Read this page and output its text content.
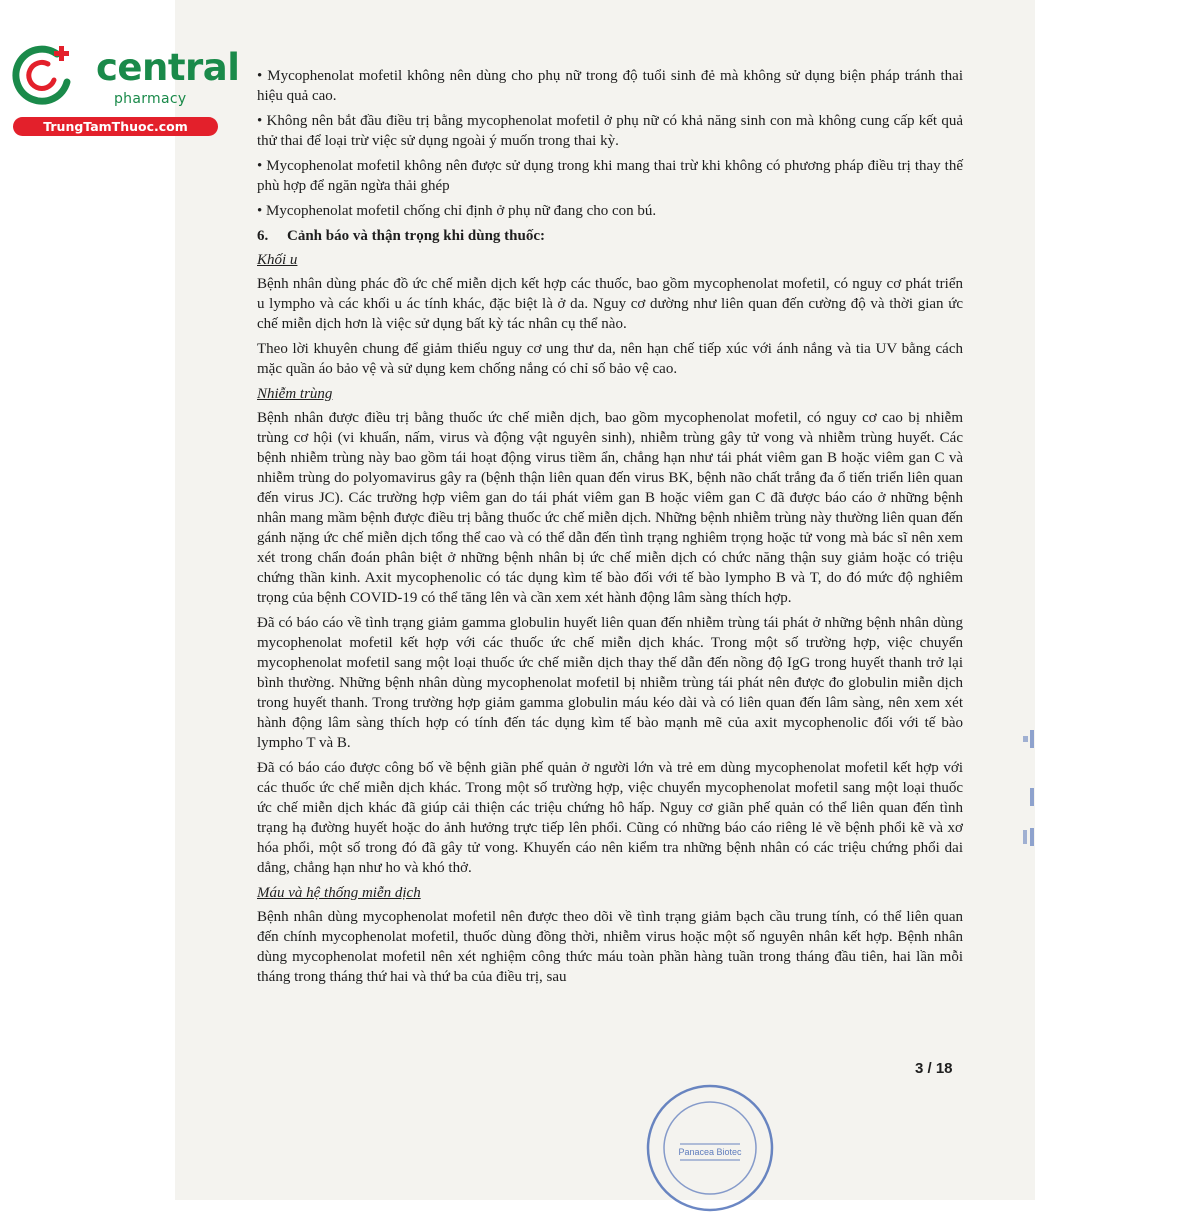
central
pharmacy
TrungTamThuoc.com

• Mycophenolat mofetil không nên dùng cho phụ nữ trong độ tuổi sinh đẻ mà không sử dụng biện pháp tránh thai hiệu quả cao.

• Không nên bắt đầu điều trị bằng mycophenolat mofetil ở phụ nữ có khả năng sinh con mà không cung cấp kết quả thử thai để loại trừ việc sử dụng ngoài ý muốn trong thai kỳ.

• Mycophenolat mofetil không nên được sử dụng trong khi mang thai trừ khi không có phương pháp điều trị thay thế phù hợp để ngăn ngừa thải ghép

• Mycophenolat mofetil chống chỉ định ở phụ nữ đang cho con bú.

6. Cảnh báo và thận trọng khi dùng thuốc:

Khối u

Bệnh nhân dùng phác đồ ức chế miễn dịch kết hợp các thuốc, bao gồm mycophenolat mofetil, có nguy cơ phát triển u lympho và các khối u ác tính khác, đặc biệt là ở da. Nguy cơ dường như liên quan đến cường độ và thời gian ức chế miễn dịch hơn là việc sử dụng bất kỳ tác nhân cụ thể nào.

Theo lời khuyên chung để giảm thiểu nguy cơ ung thư da, nên hạn chế tiếp xúc với ánh nắng và tia UV bằng cách mặc quần áo bảo vệ và sử dụng kem chống nắng có chỉ số bảo vệ cao.

Nhiễm trùng

Bệnh nhân được điều trị bằng thuốc ức chế miễn dịch, bao gồm mycophenolat mofetil, có nguy cơ cao bị nhiễm trùng cơ hội (vi khuẩn, nấm, virus và động vật nguyên sinh), nhiễm trùng gây tử vong và nhiễm trùng huyết. Các bệnh nhiễm trùng này bao gồm tái hoạt động virus tiềm ẩn, chẳng hạn như tái phát viêm gan B hoặc viêm gan C và nhiễm trùng do polyomavirus gây ra (bệnh thận liên quan đến virus BK, bệnh não chất trắng đa ổ tiến triển liên quan đến virus JC). Các trường hợp viêm gan do tái phát viêm gan B hoặc viêm gan C đã được báo cáo ở những bệnh nhân mang mầm bệnh được điều trị bằng thuốc ức chế miễn dịch. Những bệnh nhiễm trùng này thường liên quan đến gánh nặng ức chế miễn dịch tổng thể cao và có thể dẫn đến tình trạng nghiêm trọng hoặc tử vong mà bác sĩ nên xem xét trong chẩn đoán phân biệt ở những bệnh nhân bị ức chế miễn dịch có chức năng thận suy giảm hoặc có triệu chứng thần kinh. Axit mycophenolic có tác dụng kìm tế bào đối với tế bào lympho B và T, do đó mức độ nghiêm trọng của bệnh COVID-19 có thể tăng lên và cần xem xét hành động lâm sàng thích hợp.

Đã có báo cáo về tình trạng giảm gamma globulin huyết liên quan đến nhiễm trùng tái phát ở những bệnh nhân dùng mycophenolat mofetil kết hợp với các thuốc ức chế miễn dịch khác. Trong một số trường hợp, việc chuyển mycophenolat mofetil sang một loại thuốc ức chế miễn dịch thay thế dẫn đến nồng độ IgG trong huyết thanh trở lại bình thường. Những bệnh nhân dùng mycophenolat mofetil bị nhiễm trùng tái phát nên được đo globulin miễn dịch trong huyết thanh. Trong trường hợp giảm gamma globulin máu kéo dài và có liên quan đến lâm sàng, nên xem xét hành động lâm sàng thích hợp có tính đến tác dụng kìm tế bào mạnh mẽ của axit mycophenolic đối với tế bào lympho T và B.

Đã có báo cáo được công bố về bệnh giãn phế quản ở người lớn và trẻ em dùng mycophenolat mofetil kết hợp với các thuốc ức chế miễn dịch khác. Trong một số trường hợp, việc chuyển mycophenolat mofetil sang một loại thuốc ức chế miễn dịch khác đã giúp cải thiện các triệu chứng hô hấp. Nguy cơ giãn phế quản có thể liên quan đến tình trạng hạ đường huyết hoặc do ảnh hưởng trực tiếp lên phổi. Cũng có những báo cáo riêng lẻ về bệnh phổi kẽ và xơ hóa phổi, một số trong đó đã gây tử vong. Khuyến cáo nên kiểm tra những bệnh nhân có các triệu chứng phổi dai dẳng, chẳng hạn như ho và khó thở.

Máu và hệ thống miễn dịch

Bệnh nhân dùng mycophenolat mofetil nên được theo dõi về tình trạng giảm bạch cầu trung tính, có thể liên quan đến chính mycophenolat mofetil, thuốc dùng đồng thời, nhiễm virus hoặc một số nguyên nhân kết hợp. Bệnh nhân dùng mycophenolat mofetil nên xét nghiệm công thức máu toàn phần hàng tuần trong tháng đầu tiên, hai lần mỗi tháng trong tháng thứ hai và thứ ba của điều trị, sau

3 / 18
Panacea Biotec
